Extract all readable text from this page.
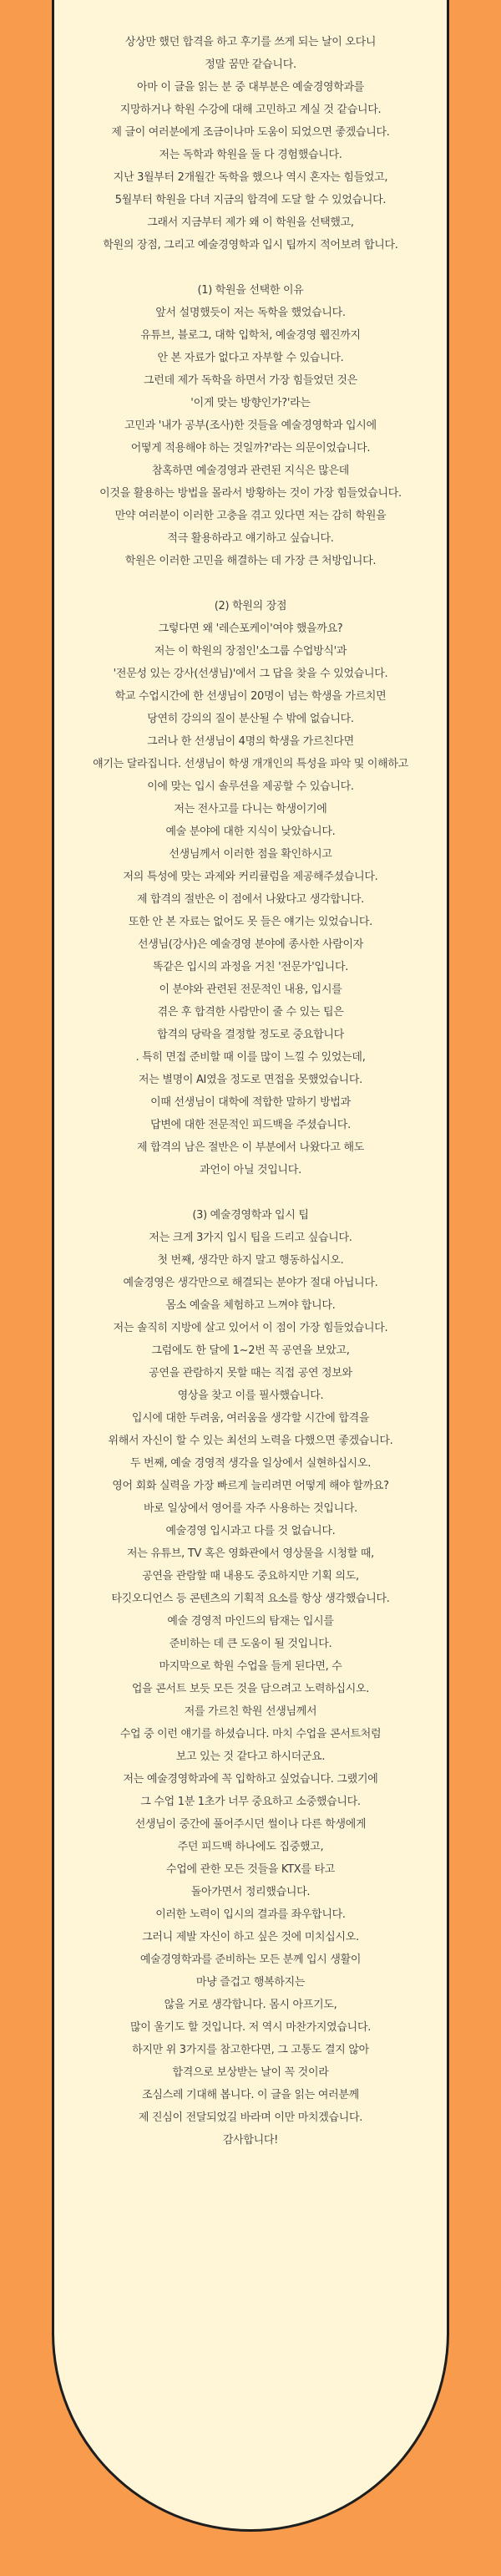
상상만 했던 합격을 하고 후기를 쓰게 되는 날이 오다니
정말 꿈만 같습니다.
아마 이 글을 읽는 분 중 대부분은 예술경영학과를
지망하거나 학원 수강에 대해 고민하고 계실 것 같습니다.
제 글이 여러분에게 조금이나마 도움이 되었으면 좋겠습니다.
저는 독학과 학원을 둘 다 경험했습니다.
지난 3월부터 2개월간 독학을 했으나 역시 혼자는 힘들었고,
5월부터 학원을 다녀 지금의 합격에 도달 할 수 있었습니다.
그래서 지금부터 제가 왜 이 학원을 선택했고,
학원의 장점, 그리고 예술경영학과 입시 팁까지 적어보려 합니다.
(1) 학원을 선택한 이유
앞서 설명했듯이 저는 독학을 했었습니다.
유튜브, 블로그, 대학 입학처, 예술경영 웹진까지
안 본 자료가 없다고 자부할 수 있습니다.
그런데 제가 독학을 하면서 가장 힘들었던 것은
'이게 맞는 방향인가?'라는
고민과 '내가 공부(조사)한 것들을 예술경영학과 입시에
어떻게 적용해야 하는 것일까?'라는 의문이었습니다.
참혹하면 예술경영과 관련된 지식은 많은데
이것을 활용하는 방법을 몰라서 방황하는 것이 가장 힘들었습니다.
만약 여러분이 이러한 고충을 겪고 있다면 저는 감히 학원을
적극 활용하라고 얘기하고 싶습니다.
학원은 이러한 고민을 해결하는 데 가장 큰 처방입니다.
(2) 학원의 장점
그렇다면 왜 '레슨포케이'여야 했을까요?
저는 이 학원의 장점인'소그룹 수업방식'과
'전문성 있는 강사(선생님)'에서 그 답을 찾을 수 있었습니다.
학교 수업시간에 한 선생님이 20명이 넘는 학생을 가르치면
당연히 강의의 질이 분산될 수 밖에 없습니다.
그러나 한 선생님이 4명의 학생을 가르친다면
얘기는 달라집니다. 선생님이 학생 개개인의 특성을 파악 및 이해하고
이에 맞는 입시 솔루션을 제공할 수 있습니다.
저는 전사고를 다니는 학생이기에
예술 분야에 대한 지식이 낮았습니다.
선생님께서 이러한 점을 확인하시고
저의 특성에 맞는 과제와 커리큘럼을 제공해주셨습니다.
제 합격의 절반은 이 점에서 나왔다고 생각합니다.
또한 안 본 자료는 없어도 못 들은 얘기는 있었습니다.
선생님(강사)은 예술경영 분야에 종사한 사람이자
똑같은 입시의 과정을 거친 '전문가'입니다.
이 분야와 관련된 전문적인 내용, 입시를
겪은 후 합격한 사람만이 줄 수 있는 팁은
합격의 당락을 결정할 정도로 중요합니다
. 특히 면접 준비할 때 이를 많이 느낄 수 있었는데,
저는 별명이 AI였을 정도로 면접을 못했었습니다.
이때 선생님이 대학에 적합한 말하기 방법과
답변에 대한 전문적인 피드백을 주셨습니다.
제 합격의 남은 절반은 이 부분에서 나왔다고 해도
과언이 아닐 것입니다.
(3) 예술경영학과 입시 팁
저는 크게 3가지 입시 팁을 드리고 싶습니다.
첫 번째, 생각만 하지 말고 행동하십시오.
예술경영은 생각만으로 해결되는 분야가 절대 아닙니다.
몸소 예술을 체험하고 느껴야 합니다.
저는 솔직히 지방에 살고 있어서 이 점이 가장 힘들었습니다.
그럼에도 한 달에 1~2번 꼭 공연을 보았고,
공연을 관람하지 못할 때는 직접 공연 정보와
영상을 찾고 이를 필사했습니다.
입시에 대한 두려움, 여러움을 생각할 시간에 합격을
위해서 자신이 할 수 있는 최선의 노력을 다했으면 좋겠습니다.
두 번째, 예술 경영적 생각을 일상에서 실현하십시오.
영어 회화 실력을 가장 빠르게 늘리려면 어떻게 해야 할까요?
바로 일상에서 영어를 자주 사용하는 것입니다.
예술경영 입시과고 다를 것 없습니다.
저는 유튜브, TV 혹은 영화관에서 영상물을 시청할 때,
공연을 관람할 때 내용도 중요하지만 기획 의도,
타깃오디언스 등 콘텐츠의 기획적 요소를 항상 생각했습니다.
예술 경영적 마인드의 탐재는 입시를
준비하는 데 큰 도움이 될 것입니다.
마지막으로 학원 수업을 들게 된다면, 수
업을 콘서트 보듯 모든 것을 담으려고 노력하십시오.
저를 가르친 학원 선생님께서
수업 중 이런 얘기를 하셨습니다. 마치 수업을 콘서트처럼
보고 있는 것 같다고 하시더군요.
저는 예술경영학과에 꼭 입학하고 싶었습니다. 그랬기에
그 수업 1분 1초가 너무 중요하고 소중했습니다.
선생님이 중간에 풀어주시던 썰이나 다른 학생에게
주던 피드백 하나에도 집중했고,
수업에 관한 모든 것들을 KTX를 타고
돌아가면서 정리했습니다.
이러한 노력이 입시의 결과를 좌우합니다.
그러니 제발 자신이 하고 싶은 것에 미치십시오.
예술경영학과를 준비하는 모든 분께 입시 생활이
마냥 즐겁고 행복하지는
않을 거로 생각합니다. 몸시 아프기도,
많이 울기도 할 것입니다. 저 역시 마찬가지였습니다.
하지만 위 3가지를 참고한다면, 그 고통도 결지 않아
합격으로 보상받는 날이 꼭 것이라
조심스레 기대해 봅니다. 이 글을 읽는 여러분께
제 진심이 전달되었길 바라며 이만 마치겠습니다.
감사합니다!
